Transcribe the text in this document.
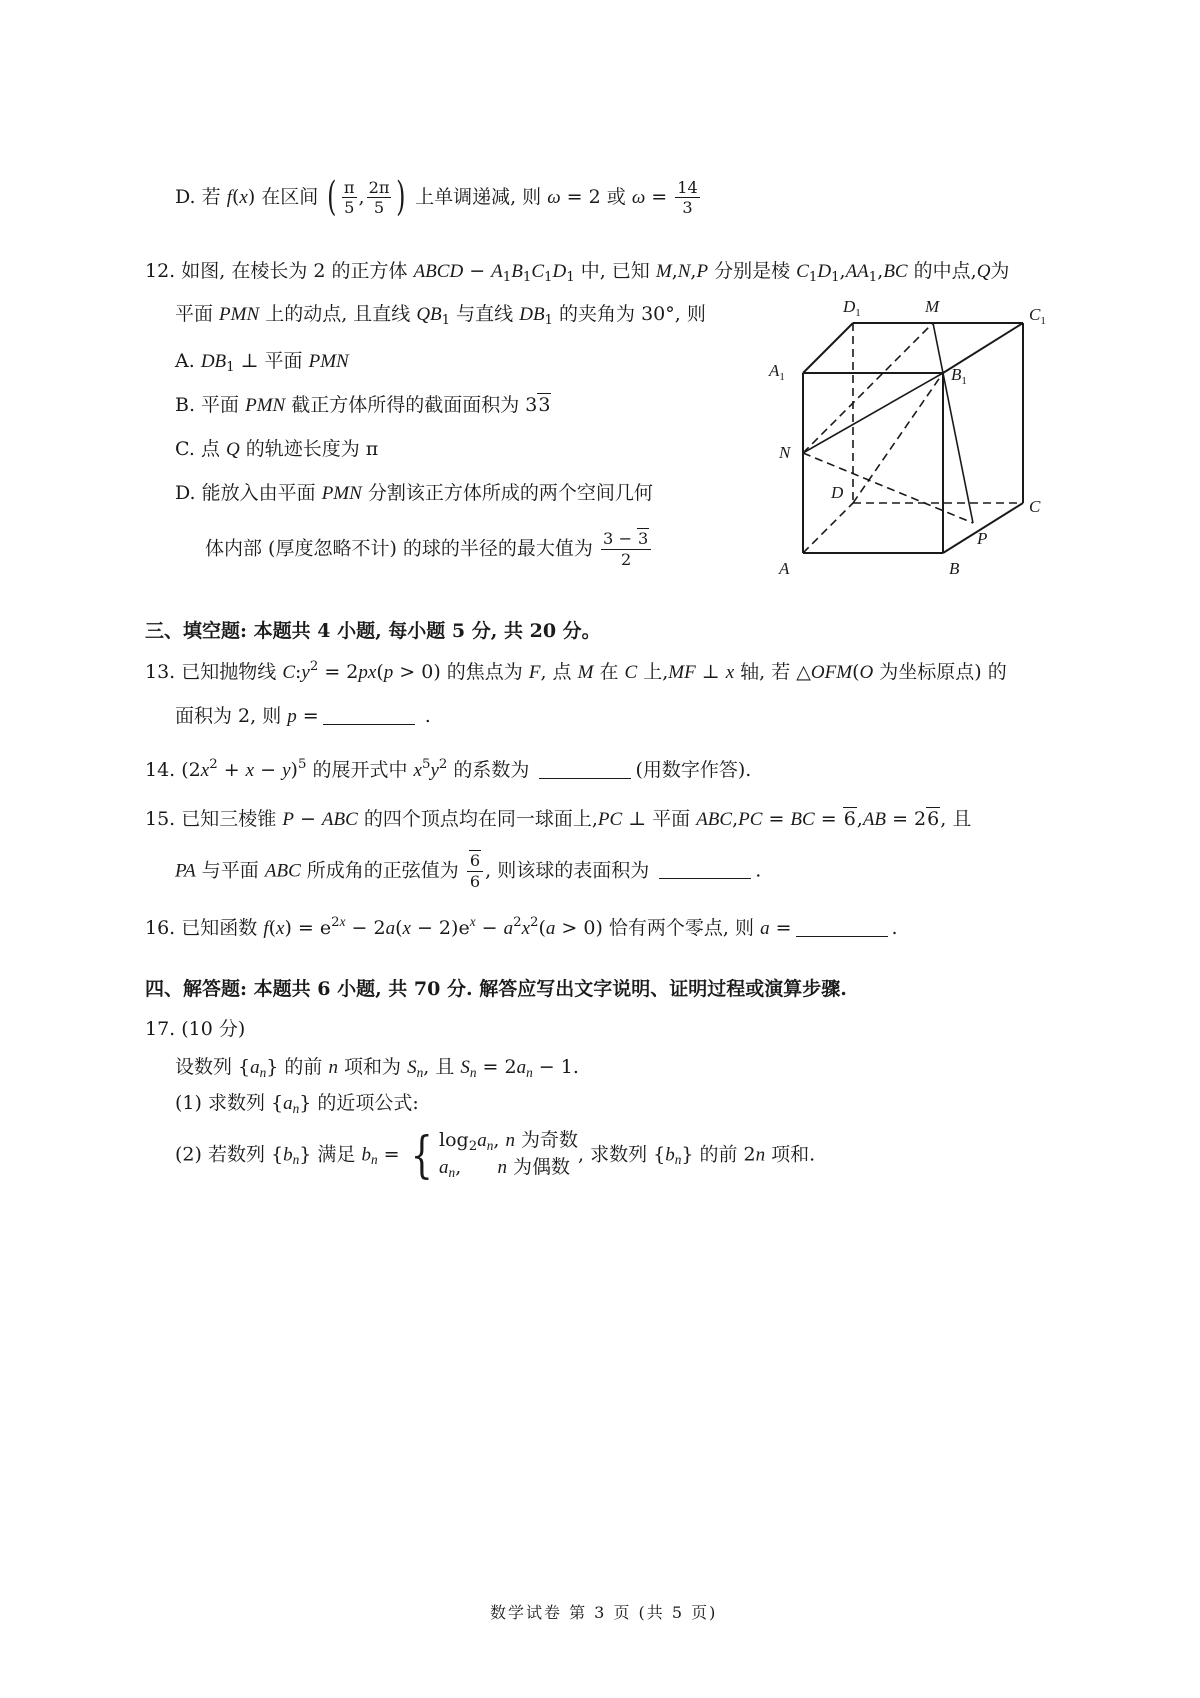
D. 若 f(x) 在区间 ( $\frac{\pi}{5}$ , $\frac{2\pi}{5}$ ) 上单调递减, 则 ω = 2 或 $\omega = \frac{14}{3}$
12. 如图, 在棱长为 2 的正方体 ABCD − $A_1B_1C_1D_1$ 中, 已知 M,N,P 分别是棱 $C_1D_1,AA_1,BC$ 的中点,Q为
平面 PMN 上的动点, 且直线 $QB_1$ 与直线 $DB_1$ 的夹角为 30°, 则
A. $DB_1$ ⊥ 平面 PMN
B. 平面 PMN 截正方体所得的截面面积为 33
C. 点 Q 的轨迹长度为 π
D. 能放入由平面 PMN 分割该正方体所成的两个空间几何
体内部 (厚度忽略不计) 的球的半径的最大值为 $\frac{3 - 3}{2}$
$D_1$	M	$C_1$
$A_1$	$B_1$
N
D
C
P
A	B
三、填空题: 本题共 4 小题, 每小题 5 分, 共 20 分。
13. 已知抛物线 $C:y^2 = 2px(p > 0)$ 的焦点为 F, 点 M 在 C 上,MF ⊥ x 轴, 若 △OFM(O 为坐标原点) 的
面积为 2, 则 p =	.
14. $(2x^2 + x - y)^5$ 的展开式中 $x^5y^2$ 的系数为	(用数字作答).
15. 已知三棱锥 P − ABC 的四个顶点均在同一球面上,PC ⊥ 平面 ABC,PC = BC = 6,AB = 26, 且
PA 与平面 ABC 所成角的正弦值为 $\frac{6}{6}$ , 则该球的表面积为	.
16. 已知函数 $f(x) = e^{2x} - 2a(x - 2)e^x - a^2x^2(a > 0)$ 恰有两个零点, 则 a =	.
四、解答题: 本题共 6 小题, 共 70 分. 解答应写出文字说明、证明过程或演算步骤.
17. (10 分)
设数列 $\{a_n\}$ 的前 n 项和为 $S_n$, 且 $S_n = 2a_n - 1$.
(1) 求数列 $\{a_n\}$ 的近项公式:
(2) 若数列 $\{b_n\}$ 满足 $b_n$ = { $\log_2a_n$, n 为奇数
$a_n$,      n 为偶数
, 求数列 $\{b_n\}$ 的前 2n 项和.
数学试卷 第 3 页 (共 5 页)
